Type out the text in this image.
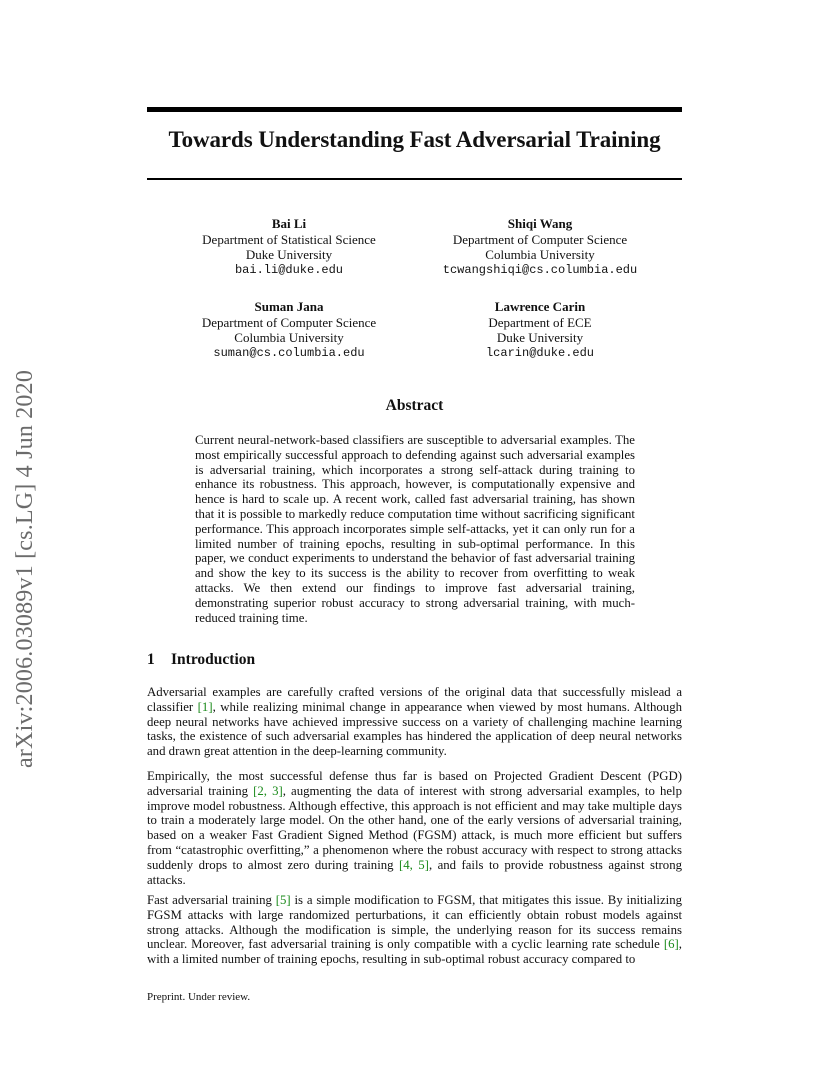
arXiv:2006.03089v1 [cs.LG] 4 Jun 2020
Towards Understanding Fast Adversarial Training
Bai Li
Department of Statistical Science
Duke University
bai.li@duke.edu
Shiqi Wang
Department of Computer Science
Columbia University
tcwangshiqi@cs.columbia.edu
Suman Jana
Department of Computer Science
Columbia University
suman@cs.columbia.edu
Lawrence Carin
Department of ECE
Duke University
lcarin@duke.edu
Abstract

Current neural-network-based classifiers are susceptible to adversarial examples. The most empirically successful approach to defending against such adversarial examples is adversarial training, which incorporates a strong self-attack during training to enhance its robustness. This approach, however, is computationally expensive and hence is hard to scale up. A recent work, called fast adversarial training, has shown that it is possible to markedly reduce computation time without sacrificing significant performance. This approach incorporates simple self-attacks, yet it can only run for a limited number of training epochs, resulting in sub-optimal performance. In this paper, we conduct experiments to understand the behavior of fast adversarial training and show the key to its success is the ability to recover from overfitting to weak attacks. We then extend our findings to improve fast adversarial training, demonstrating superior robust accuracy to strong adversarial training, with much-reduced training time.

1 Introduction

Adversarial examples are carefully crafted versions of the original data that successfully mislead a classifier [1], while realizing minimal change in appearance when viewed by most humans. Although deep neural networks have achieved impressive success on a variety of challenging machine learning tasks, the existence of such adversarial examples has hindered the application of deep neural networks and drawn great attention in the deep-learning community.

Empirically, the most successful defense thus far is based on Projected Gradient Descent (PGD) adversarial training [2, 3], augmenting the data of interest with strong adversarial examples, to help improve model robustness. Although effective, this approach is not efficient and may take multiple days to train a moderately large model. On the other hand, one of the early versions of adversarial training, based on a weaker Fast Gradient Signed Method (FGSM) attack, is much more efficient but suffers from “catastrophic overfitting,” a phenomenon where the robust accuracy with respect to strong attacks suddenly drops to almost zero during training [4, 5], and fails to provide robustness against strong attacks.

Fast adversarial training [5] is a simple modification to FGSM, that mitigates this issue. By initializing FGSM attacks with large randomized perturbations, it can efficiently obtain robust models against strong attacks. Although the modification is simple, the underlying reason for its success remains unclear. Moreover, fast adversarial training is only compatible with a cyclic learning rate schedule [6], with a limited number of training epochs, resulting in sub-optimal robust accuracy compared to

Preprint. Under review.
